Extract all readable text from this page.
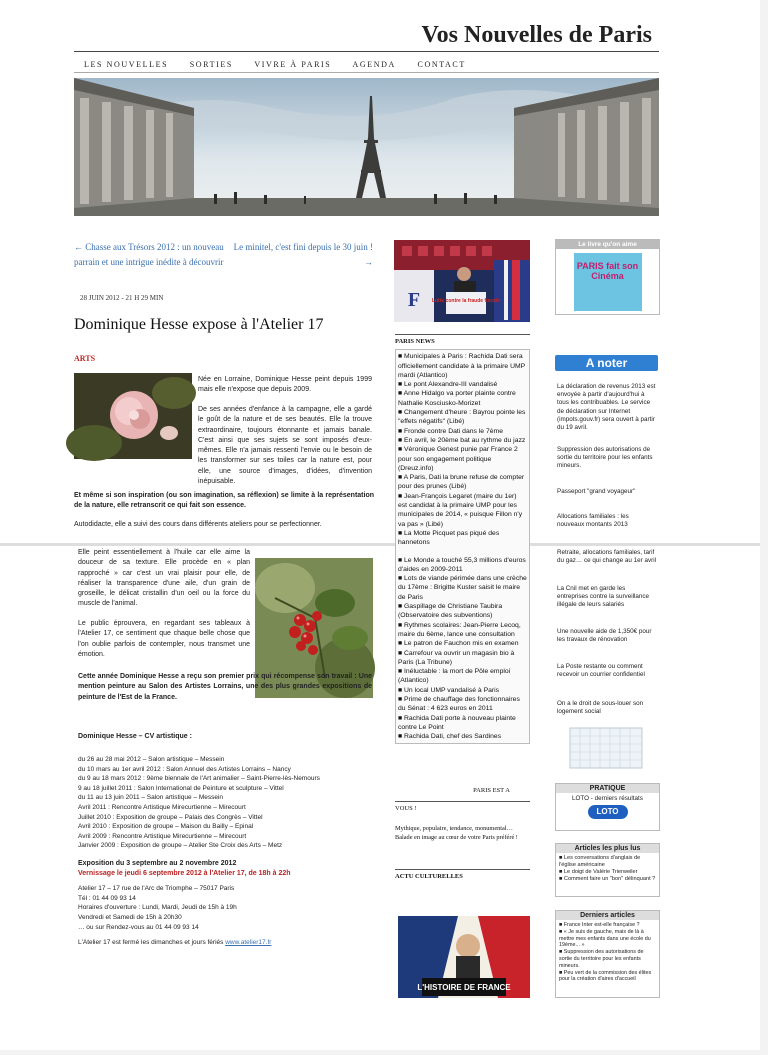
Vos Nouvelles de Paris
LES NOUVELLES	SORTIES	VIVRE À PARIS	AGENDA	CONTACT
← Chasse aux Trésors 2012 : un nouveau parrain et une intrigue inédite à découvrir
Le minitel, c'est fini depuis le 30 juin ! →
28 JUIN 2012 - 21 H 29 MIN
Dominique Hesse expose à l'Atelier 17
ARTS
Née en Lorraine, Dominique Hesse peint depuis 1999 mais elle n'expose que depuis 2009.
De ses années d'enfance à la campagne, elle a gardé le goût de la nature et de ses beautés. Elle la trouve extraordinaire, toujours étonnante et jamais banale. C'est ainsi que ses sujets se sont imposés d'eux-mêmes. Elle n'a jamais ressenti l'envie ou le besoin de les transformer sur ses toiles car la nature est, pour elle, une source d'images, d'idées, d'invention inépuisable.
Et même si son inspiration (ou son imagination, sa réflexion) se limite à la représentation de la nature, elle retranscrit ce qui fait son essence.
Autodidacte, elle a suivi des cours dans différents ateliers pour se perfectionner.
Elle peint essentiellement à l'huile car elle aime la douceur de sa texture. Elle procède en « plan rapproché » car c'est un vrai plaisir pour elle, de réaliser la transparence d'une aile, d'un grain de groseille, le délicat cristallin d'un oeil ou la force du muscle de l'animal.
Le public éprouvera, en regardant ses tableaux à l'Atelier 17, ce sentiment que chaque belle chose que l'on oublie parfois de contempler, nous transmet une émotion.
Cette année Dominique Hesse a reçu son premier prix qui récompense son travail : Une mention peinture au Salon des Artistes Lorrains, une des plus grandes expositions de peinture de l'Est de la France.
Dominique Hesse – CV artistique :
du 26 au 28 mai 2012 – Salon artistique – Messein
du 10 mars au 1er avril 2012 : Salon Annuel des Artistes Lorrains – Nancy
du 9 au 18 mars 2012 : 9ème biennale de l'Art animalier – Saint-Pierre-lès-Nemours
9 au 18 juillet 2011 : Salon International de Peinture et sculpture – Vittel
du 11 au 13 juin 2011 – Salon artistique – Messein
Avril 2011 : Rencontre Artistique Mirecurtienne – Mirecourt
Juillet 2010 : Exposition de groupe – Palais des Congrès – Vittel
Avril 2010 : Exposition de groupe – Maison du Bailly – Epinal
Avril 2009 : Rencontre Artistique Mirecurtienne – Mirecourt
Janvier 2009 : Exposition de groupe – Atelier Ste Croix des Arts – Metz
Exposition du 3 septembre au 2 novembre 2012
Vernissage le jeudi 6 septembre 2012 à l'Atelier 17, de 18h à 22h
Atelier 17 – 17 rue de l'Arc de Triomphe – 75017 Paris
Tél : 01 44 09 93 14
Horaires d'ouverture : Lundi, Mardi, Jeudi de 15h à 19h
Vendredi et Samedi de 15h à 20h30
… ou sur Rendez-vous au 01 44 09 93 14
L'Atelier 17 est fermé les dimanches et jours fériés www.atelier17.fr
Lutte contre la fraude fiscale
F
PARIS NEWS
■ Municipales à Paris : Rachida Dati sera officiellement candidate à la primaire UMP mardi (Atlantico)
■ Le pont Alexandre-III vandalisé
■ Anne Hidalgo va porter plainte contre Nathalie Kosciusko-Morizet
■ Changement d'heure : Bayrou pointe les "effets négatifs" (Libé)
■ Fronde contre Dati dans le 7ème
■ En avril, le 20ème bat au rythme du jazz
■ Véronique Genest punie par France 2 pour son engagement politique (Dreuz.info)
■ A Paris, Dati la brune refuse de compter pour des prunes (Libé)
■ Jean-François Legaret (maire du 1er) est candidat à la primaire UMP pour les municipales de 2014, « puisque Fillon n'y va pas » (Libé)
■ La Motte Picquet pas piqué des hannetons
■ Le Monde a touché 55,3 millions d'euros d'aides en 2009-2011
■ Lots de viande périmée dans une crèche du 17ème : Brigitte Kuster saisit le maire de Paris
■ Gaspillage de Christiane Taubira (Observatoire des subventions)
■ Rythmes scolaires: Jean-Pierre Lecoq, maire du 6ème, lance une consultation
■ Le patron de Fauchon mis en examen
■ Carrefour va ouvrir un magasin bio à Paris (La Tribune)
■ Inéluctable : la mort de Pôle emploi (Atlantico)
■ Un local UMP vandalisé à Paris
■ Prime de chauffage des fonctionnaires du Sénat : 4 623 euros en 2011
■ Rachida Dati porte à nouveau plainte contre Le Point
■ Rachida Dati, chef des Sardines
PARIS EST A
VOUS !
Mythique, populaire, tendance, monumental… Balade en image au cœur de votre Paris préféré !
ACTU CULTURELLES
L'HISTOIRE DE FRANCE
Le livre qu'on aime
PARIS fait son Cinéma
A noter
La déclaration de revenus 2013 est envoyée à partir d'aujourd'hui à tous les contribuables. Le service de déclaration sur Internet (impots.gouv.fr) sera ouvert à partir du 19 avril.
Suppression des autorisations de sortie du territoire pour les enfants mineurs.
Passeport "grand voyageur"
Allocations familiales : les nouveaux montants 2013
Retraite, allocations familiales, tarif du gaz… ce qui change au 1er avril
La Cnil met en garde les entreprises contre la surveillance illégale de leurs salariés
Une nouvelle aide de 1,350€ pour les travaux de rénovation
La Poste restante ou comment recevoir un courrier confidentiel
On a le droit de sous-louer son logement social
PRATIQUE
LOTO - derniers résultats
LOTO
Articles les plus lus
■ Les conversations d'anglais de l'église américaine
■ Le doigt de Valérie Trierweiler
■ Comment faire un "bon" délinquant ?
Derniers articles
■ France Inter est-elle française ?
■ « Je suis de gauche, mais de là à mettre mes enfants dans une école du 19ème... »
■ Suppression des autorisations de sortie du territoire pour les enfants mineurs.
■ Peu vert de la commission des élites pour la création d'aires d'accueil
